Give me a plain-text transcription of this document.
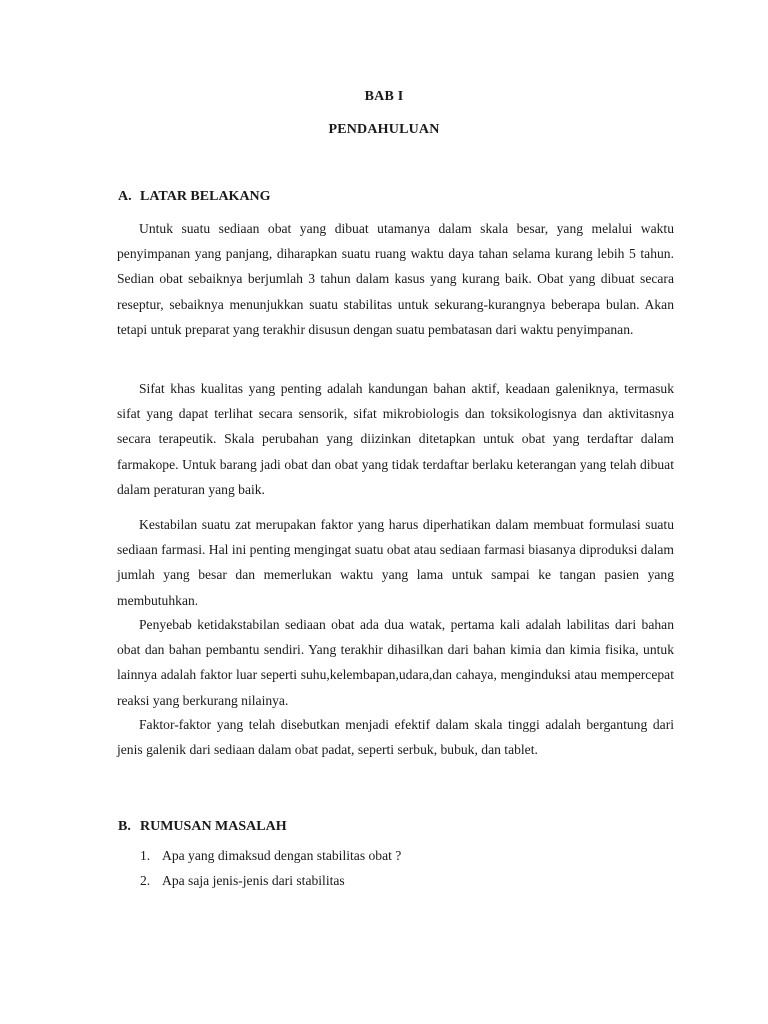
BAB I
PENDAHULUAN
A. LATAR BELAKANG

Untuk suatu sediaan obat yang dibuat utamanya dalam skala besar, yang melalui waktu penyimpanan yang panjang, diharapkan suatu ruang waktu daya tahan selama kurang lebih 5 tahun. Sedian obat sebaiknya berjumlah 3 tahun dalam kasus yang kurang baik. Obat yang dibuat secara reseptur, sebaiknya menunjukkan suatu stabilitas untuk sekurang-kurangnya beberapa bulan. Akan tetapi untuk preparat yang terakhir disusun dengan suatu pembatasan dari waktu penyimpanan.

Sifat khas kualitas yang penting adalah kandungan bahan aktif, keadaan galeniknya, termasuk sifat yang dapat terlihat secara sensorik, sifat mikrobiologis dan toksikologisnya dan aktivitasnya secara terapeutik. Skala perubahan yang diizinkan ditetapkan untuk obat yang terdaftar dalam farmakope. Untuk barang jadi obat dan obat yang tidak terdaftar berlaku keterangan yang telah dibuat dalam peraturan yang baik.

Kestabilan suatu zat merupakan faktor yang harus diperhatikan dalam membuat formulasi suatu sediaan farmasi. Hal ini penting mengingat suatu obat atau sediaan farmasi biasanya diproduksi dalam jumlah yang besar dan memerlukan waktu yang lama untuk sampai ke tangan pasien yang membutuhkan.

Penyebab ketidakstabilan sediaan obat ada dua watak, pertama kali adalah labilitas dari bahan obat dan bahan pembantu sendiri. Yang terakhir dihasilkan dari bahan kimia dan kimia fisika, untuk lainnya adalah faktor luar seperti suhu,kelembapan,udara,dan cahaya, menginduksi atau mempercepat reaksi yang berkurang nilainya.

Faktor-faktor yang telah disebutkan menjadi efektif dalam skala tinggi adalah bergantung dari jenis galenik dari sediaan dalam obat padat, seperti serbuk, bubuk, dan tablet.

B. RUMUSAN MASALAH
1. Apa yang dimaksud dengan stabilitas obat ?
2. Apa saja jenis-jenis dari stabilitas
